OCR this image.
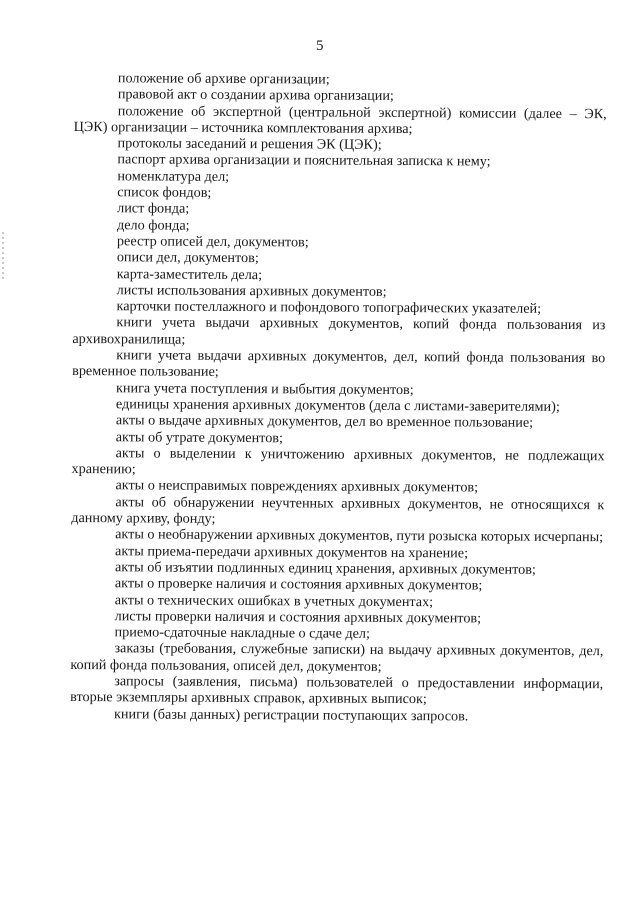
5

положение об архиве организации;

правовой акт о создании архива организации;

положение об экспертной (центральной экспертной) комиссии (далее – ЭК, ЦЭК) организации – источника комплектования архива;

протоколы заседаний и решения ЭК (ЦЭК);

паспорт архива организации и пояснительная записка к нему;

номенклатура дел;

список фондов;

лист фонда;

дело фонда;

реестр описей дел, документов;

описи дел, документов;

карта-заместитель дела;

листы использования архивных документов;

карточки постеллажного и пофондового топографических указателей;

книги учета выдачи архивных документов, копий фонда пользования из архивохранилища;

книги учета выдачи архивных документов, дел, копий фонда пользования во временное пользование;

книга учета поступления и выбытия документов;

единицы хранения архивных документов (дела с листами-заверителями);

акты о выдаче архивных документов, дел во временное пользование;

акты об утрате документов;

акты о выделении к уничтожению архивных документов, не подлежащих хранению;

акты о неисправимых повреждениях архивных документов;

акты об обнаружении неучтенных архивных документов, не относящихся к данному архиву, фонду;

акты о необнаружении архивных документов, пути розыска которых исчерпаны;

акты приема-передачи архивных документов на хранение;

акты об изъятии подлинных единиц хранения, архивных документов;

акты о проверке наличия и состояния архивных документов;

акты о технических ошибках в учетных документах;

листы проверки наличия и состояния архивных документов;

приемо-сдаточные накладные о сдаче дел;

заказы (требования, служебные записки) на выдачу архивных документов, дел, копий фонда пользования, описей дел, документов;

запросы (заявления, письма) пользователей о предоставлении информации, вторые экземпляры архивных справок, архивных выписок;

книги (базы данных) регистрации поступающих запросов.
